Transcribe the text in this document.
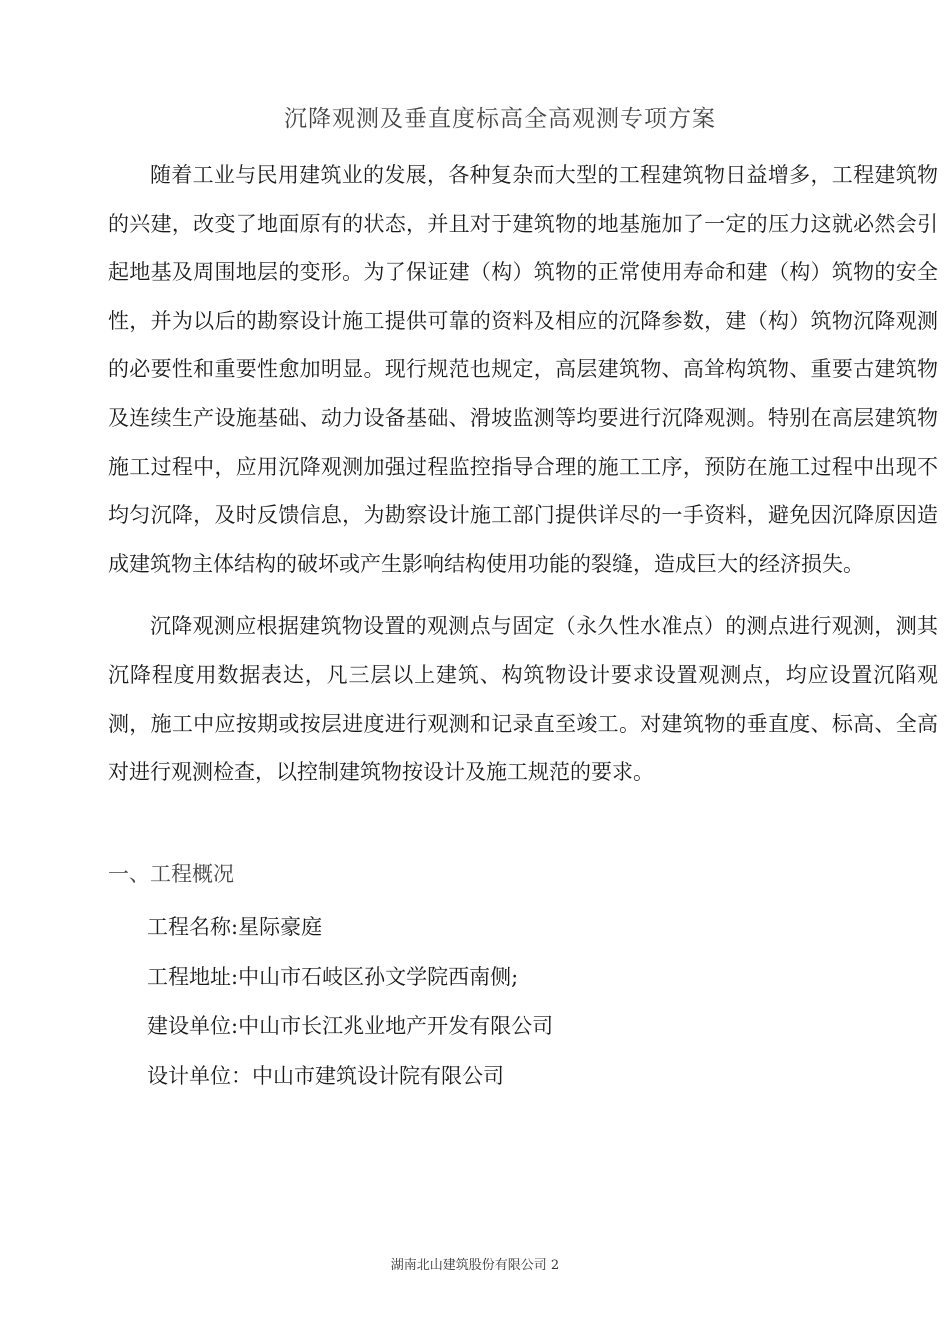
沉降观测及垂直度标高全高观测专项方案

随着工业与民用建筑业的发展，各种复杂而大型的工程建筑物日益增多，工程建筑物的兴建，改变了地面原有的状态，并且对于建筑物的地基施加了一定的压力这就必然会引起地基及周围地层的变形。为了保证建（构）筑物的正常使用寿命和建（构）筑物的安全性，并为以后的勘察设计施工提供可靠的资料及相应的沉降参数，建（构）筑物沉降观测的必要性和重要性愈加明显。现行规范也规定，高层建筑物、高耸构筑物、重要古建筑物及连续生产设施基础、动力设备基础、滑坡监测等均要进行沉降观测。特别在高层建筑物施工过程中，应用沉降观测加强过程监控指导合理的施工工序，预防在施工过程中出现不均匀沉降，及时反馈信息，为勘察设计施工部门提供详尽的一手资料，避免因沉降原因造成建筑物主体结构的破坏或产生影响结构使用功能的裂缝，造成巨大的经济损失。

沉降观测应根据建筑物设置的观测点与固定（永久性水准点）的测点进行观测，测其沉降程度用数据表达，凡三层以上建筑、构筑物设计要求设置观测点，均应设置沉陷观测，施工中应按期或按层进度进行观测和记录直至竣工。对建筑物的垂直度、标高、全高对进行观测检查，以控制建筑物按设计及施工规范的要求。

一、工程概况
工程名称:星际豪庭
工程地址:中山市石岐区孙文学院西南侧;
建设单位:中山市长江兆业地产开发有限公司
设计单位：中山市建筑设计院有限公司
湖南北山建筑股份有限公司 2
